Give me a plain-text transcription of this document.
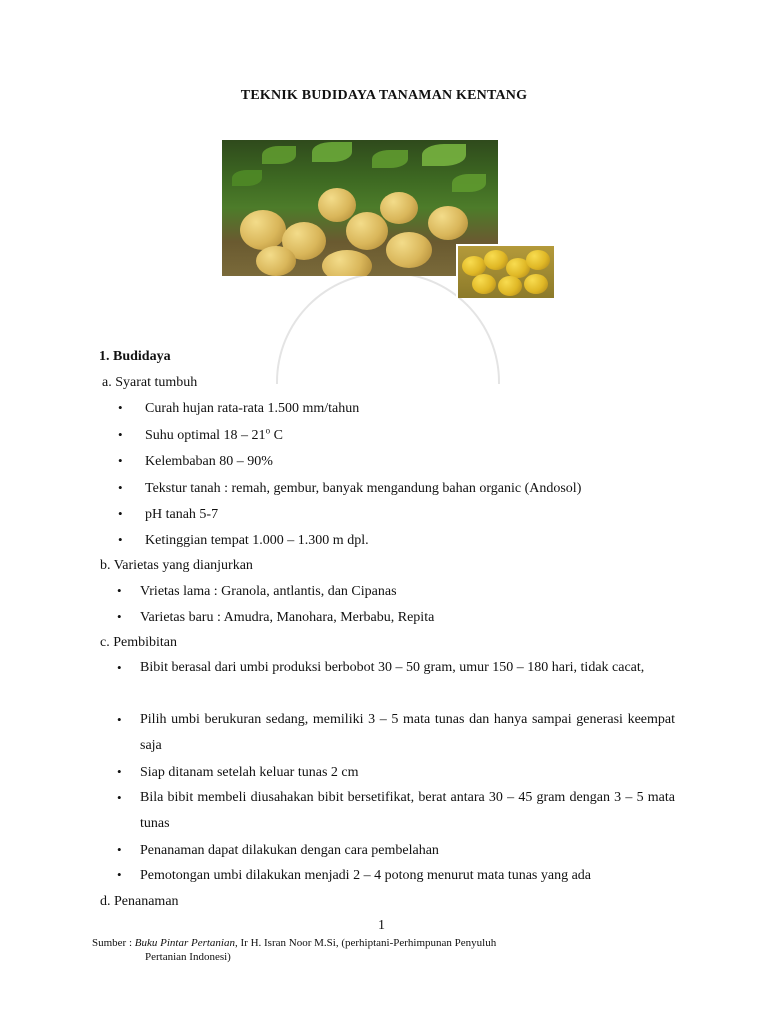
TEKNIK BUDIDAYA TANAMAN KENTANG
1. Budidaya
a. Syarat tumbuh
• Curah hujan rata-rata 1.500 mm/tahun
• Suhu optimal 18 – 21$^o$ C
• Kelembaban 80 – 90%
• Tekstur tanah : remah, gembur, banyak mengandung bahan organic (Andosol)
• pH tanah 5-7
• Ketinggian tempat 1.000 – 1.300 m dpl.
b. Varietas yang dianjurkan
• Vrietas lama : Granola, antlantis, dan Cipanas
• Varietas baru : Amudra, Manohara, Merbabu, Repita
c. Pembibitan
• Bibit berasal dari umbi produksi berbobot 30 – 50 gram, umur 150 – 180 hari, tidak cacat,
• Pilih umbi berukuran sedang, memiliki 3 – 5 mata tunas dan hanya sampai generasi keempat saja
• Siap ditanam setelah keluar tunas 2 cm
• Bila bibit membeli diusahakan bibit bersetifikat, berat antara 30 – 45 gram dengan 3 – 5 mata tunas
• Penanaman dapat dilakukan dengan cara pembelahan
• Pemotongan umbi dilakukan menjadi 2 – 4 potong menurut mata tunas yang ada
d. Penanaman
1
Sumber : Buku Pintar Pertanian, Ir H. Isran Noor M.Si, (perhiptani-Perhimpunan Penyuluh
Pertanian Indonesi)
